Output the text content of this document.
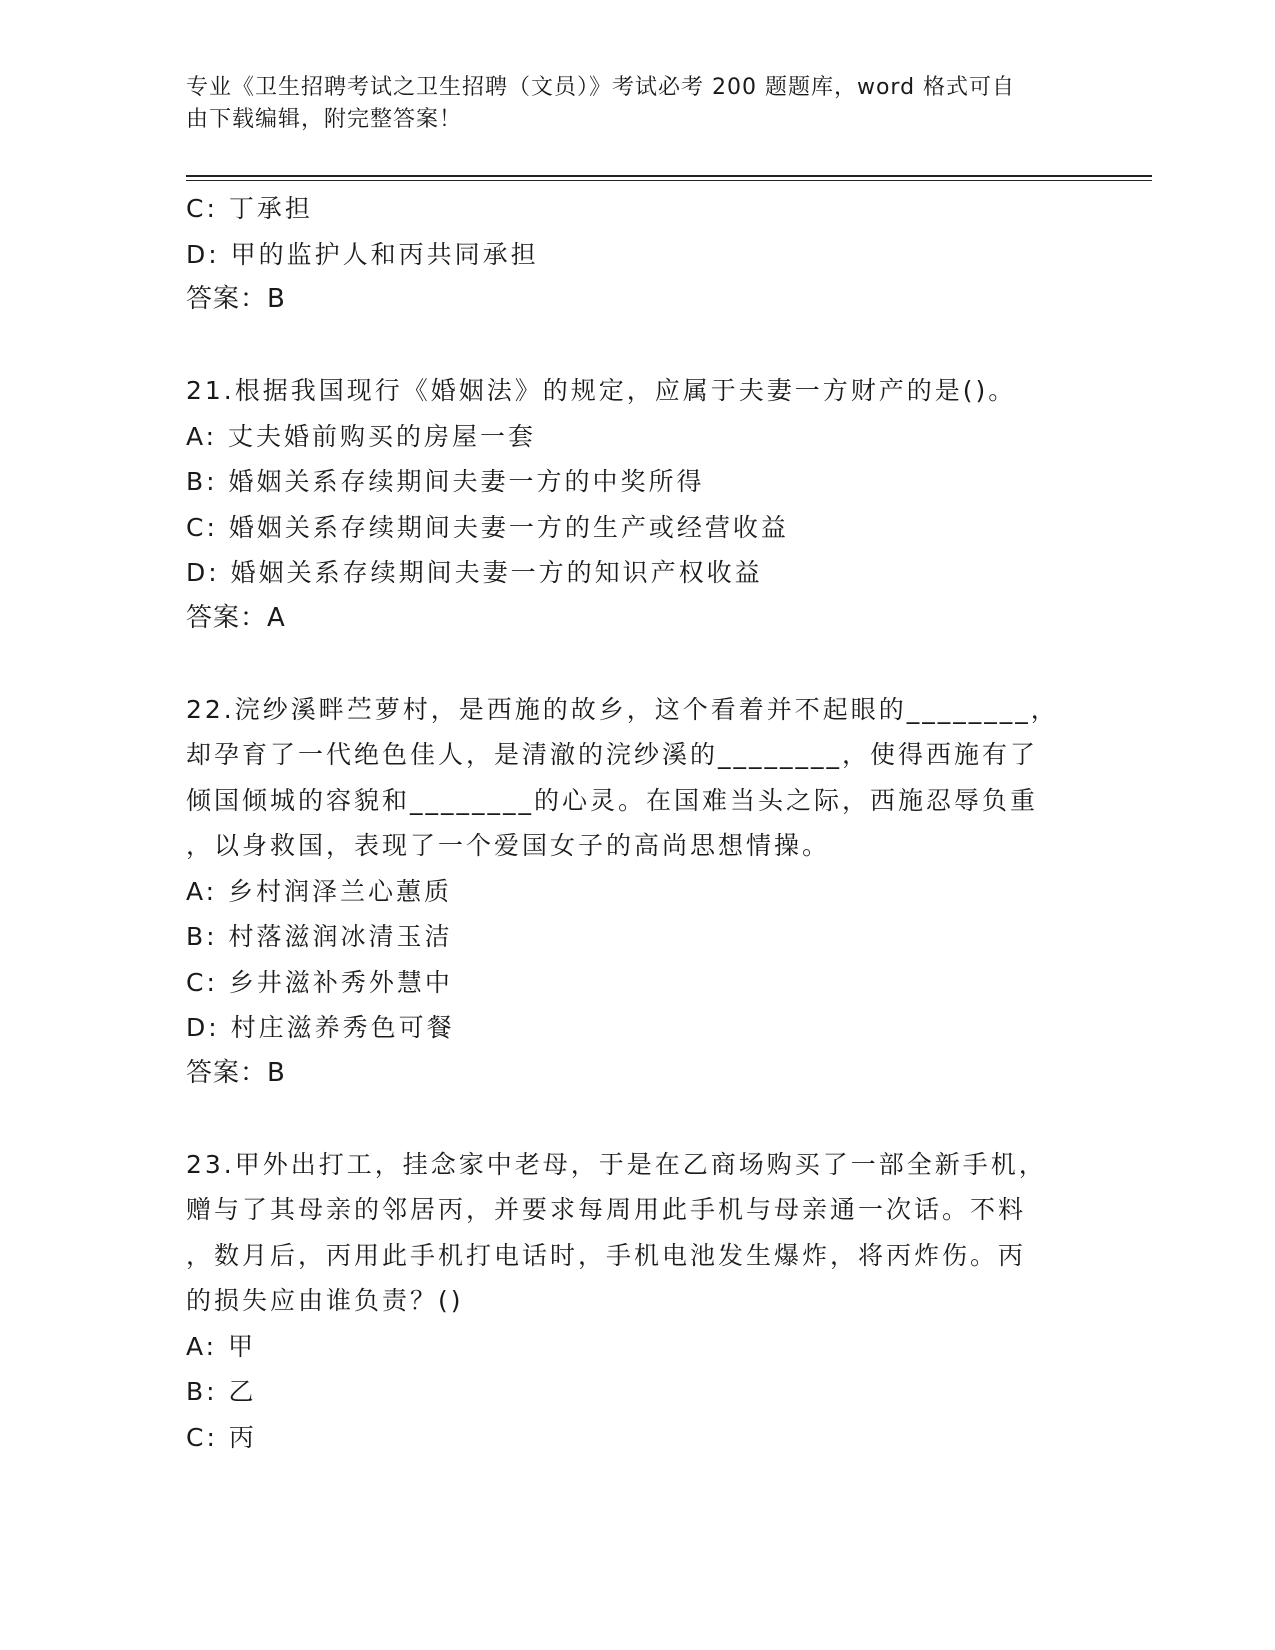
专业《卫生招聘考试之卫生招聘（文员）》考试必考 200 题题库，word 格式可自
由下载编辑，附完整答案！
C: 丁承担
D: 甲的监护人和丙共同承担
答案：B
21.根据我国现行《婚姻法》的规定，应属于夫妻一方财产的是()。
A: 丈夫婚前购买的房屋一套
B: 婚姻关系存续期间夫妻一方的中奖所得
C: 婚姻关系存续期间夫妻一方的生产或经营收益
D: 婚姻关系存续期间夫妻一方的知识产权收益
答案：A
22.浣纱溪畔苎萝村，是西施的故乡，这个看着并不起眼的________，
却孕育了一代绝色佳人，是清澈的浣纱溪的________，使得西施有了
倾国倾城的容貌和________的心灵。在国难当头之际，西施忍辱负重
，以身救国，表现了一个爱国女子的高尚思想情操。
A: 乡村润泽兰心蕙质
B: 村落滋润冰清玉洁
C: 乡井滋补秀外慧中
D: 村庄滋养秀色可餐
答案：B
23.甲外出打工，挂念家中老母，于是在乙商场购买了一部全新手机，
赠与了其母亲的邻居丙，并要求每周用此手机与母亲通一次话。不料
，数月后，丙用此手机打电话时，手机电池发生爆炸，将丙炸伤。丙
的损失应由谁负责？()
A: 甲
B: 乙
C: 丙
